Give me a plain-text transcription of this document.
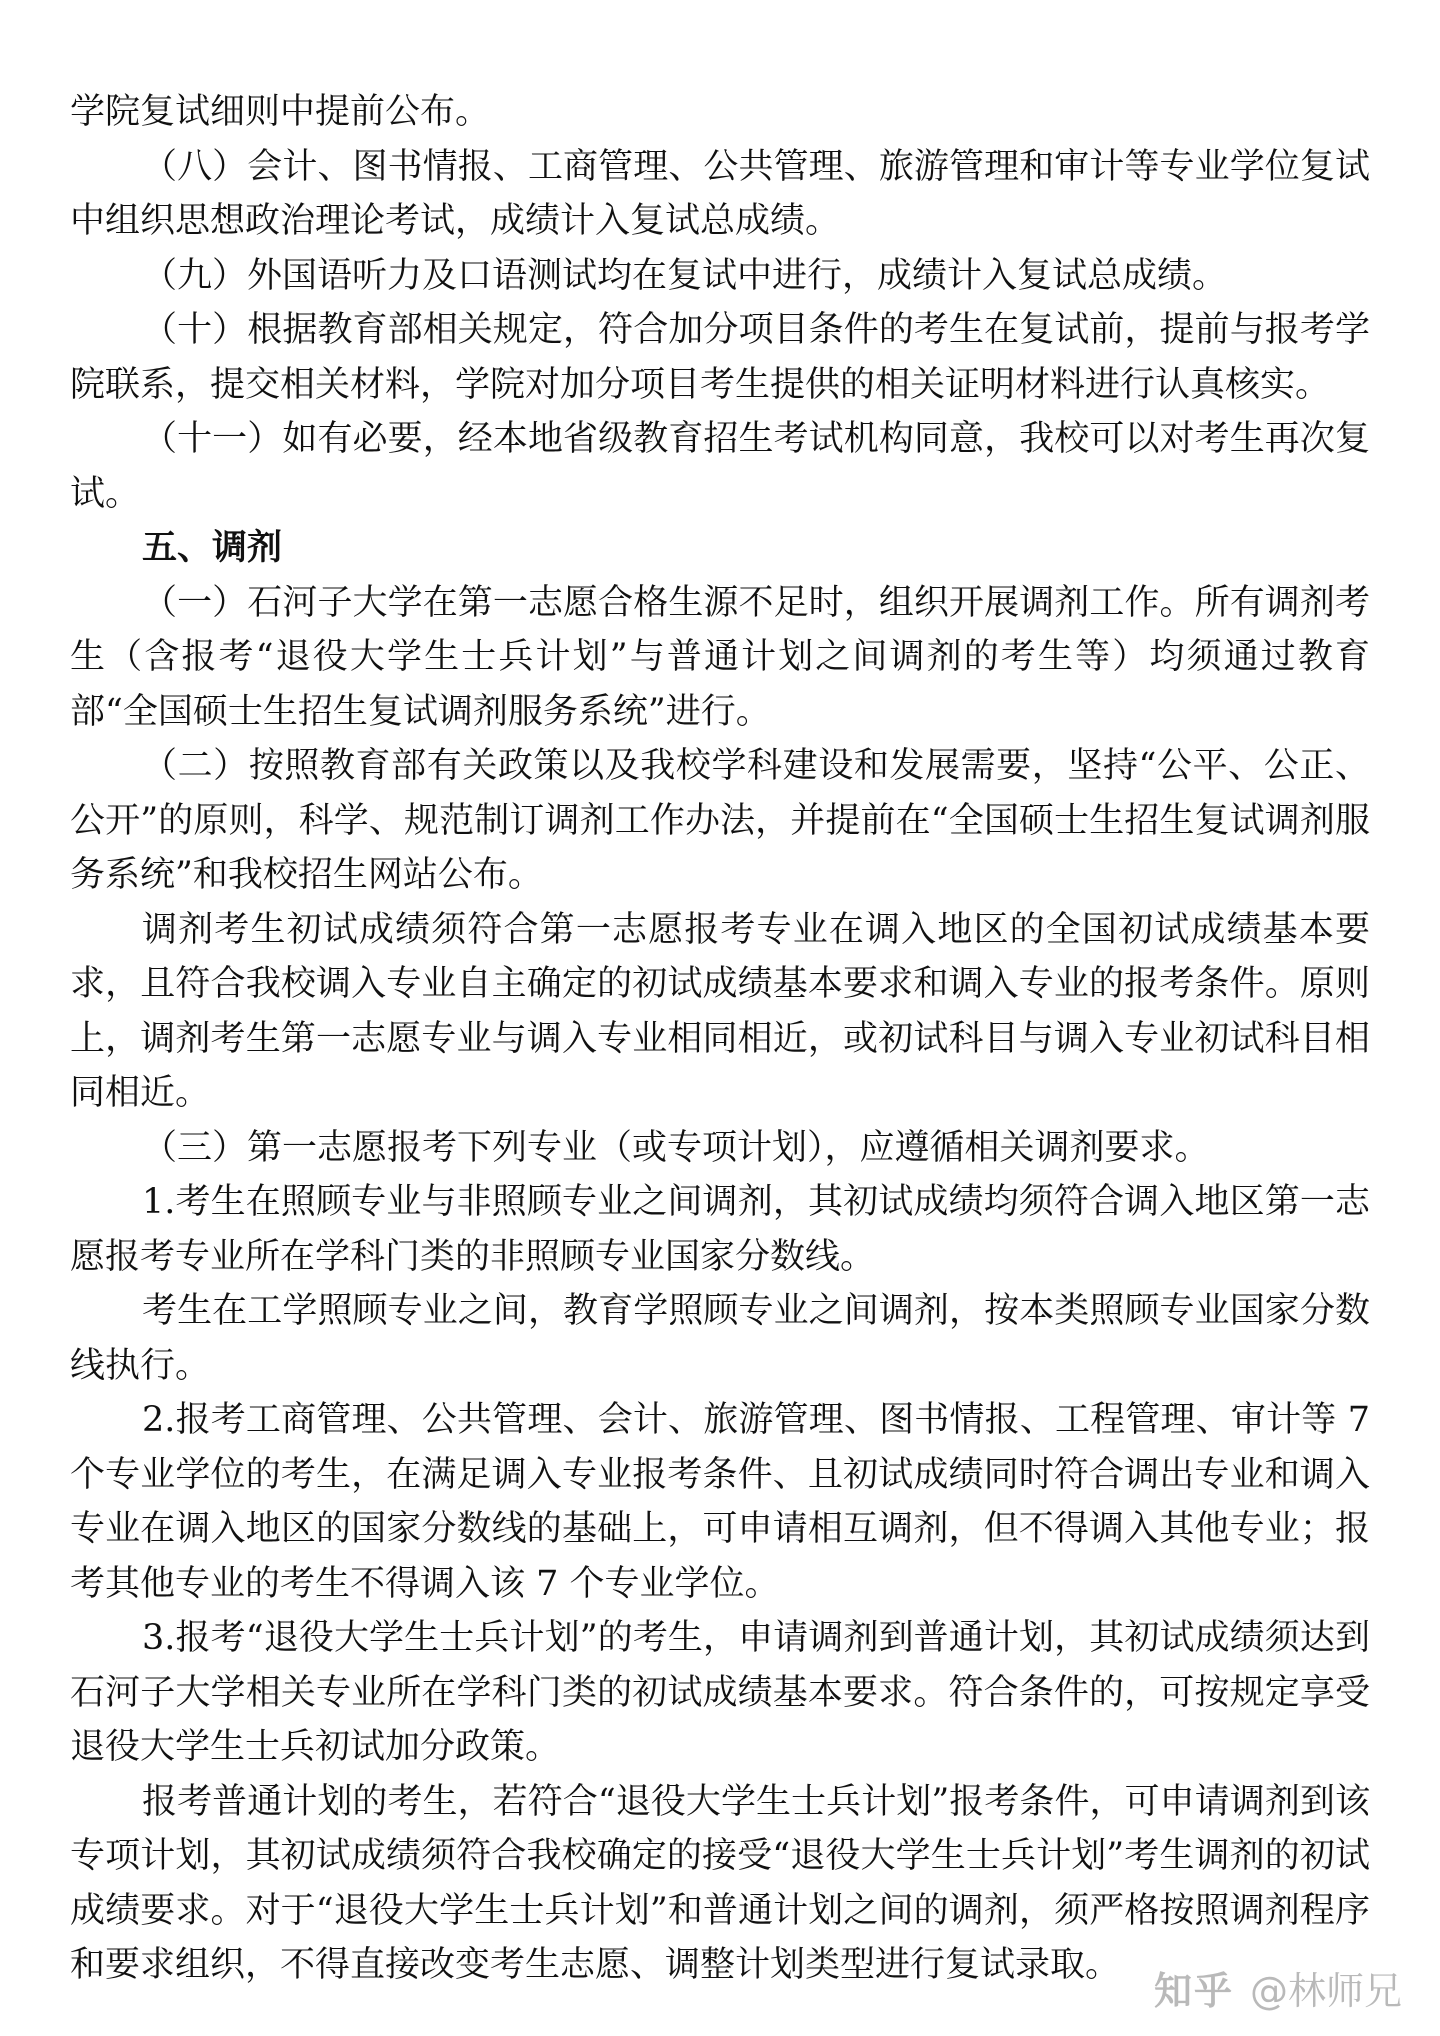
学院复试细则中提前公布。

（八）会计、图书情报、工商管理、公共管理、旅游管理和审计等专业学位复试中组织思想政治理论考试，成绩计入复试总成绩。

（九）外国语听力及口语测试均在复试中进行，成绩计入复试总成绩。

（十）根据教育部相关规定，符合加分项目条件的考生在复试前，提前与报考学院联系，提交相关材料，学院对加分项目考生提供的相关证明材料进行认真核实。

（十一）如有必要，经本地省级教育招生考试机构同意，我校可以对考生再次复试。

五、调剂

（一）石河子大学在第一志愿合格生源不足时，组织开展调剂工作。所有调剂考生（含报考“退役大学生士兵计划”与普通计划之间调剂的考生等）均须通过教育部“全国硕士生招生复试调剂服务系统”进行。

（二）按照教育部有关政策以及我校学科建设和发展需要，坚持“公平、公正、公开”的原则，科学、规范制订调剂工作办法，并提前在“全国硕士生招生复试调剂服务系统”和我校招生网站公布。

调剂考生初试成绩须符合第一志愿报考专业在调入地区的全国初试成绩基本要求，且符合我校调入专业自主确定的初试成绩基本要求和调入专业的报考条件。原则上，调剂考生第一志愿专业与调入专业相同相近，或初试科目与调入专业初试科目相同相近。

（三）第一志愿报考下列专业（或专项计划），应遵循相关调剂要求。

1.考生在照顾专业与非照顾专业之间调剂，其初试成绩均须符合调入地区第一志愿报考专业所在学科门类的非照顾专业国家分数线。

考生在工学照顾专业之间，教育学照顾专业之间调剂，按本类照顾专业国家分数线执行。

2.报考工商管理、公共管理、会计、旅游管理、图书情报、工程管理、审计等 7 个专业学位的考生，在满足调入专业报考条件、且初试成绩同时符合调出专业和调入专业在调入地区的国家分数线的基础上，可申请相互调剂，但不得调入其他专业；报考其他专业的考生不得调入该 7 个专业学位。

3.报考“退役大学生士兵计划”的考生，申请调剂到普通计划，其初试成绩须达到石河子大学相关专业所在学科门类的初试成绩基本要求。符合条件的，可按规定享受退役大学生士兵初试加分政策。

报考普通计划的考生，若符合“退役大学生士兵计划”报考条件，可申请调剂到该专项计划，其初试成绩须符合我校确定的接受“退役大学生士兵计划”考生调剂的初试成绩要求。对于“退役大学生士兵计划”和普通计划之间的调剂，须严格按照调剂程序和要求组织，不得直接改变考生志愿、调整计划类型进行复试录取。

知乎 @林师兄
